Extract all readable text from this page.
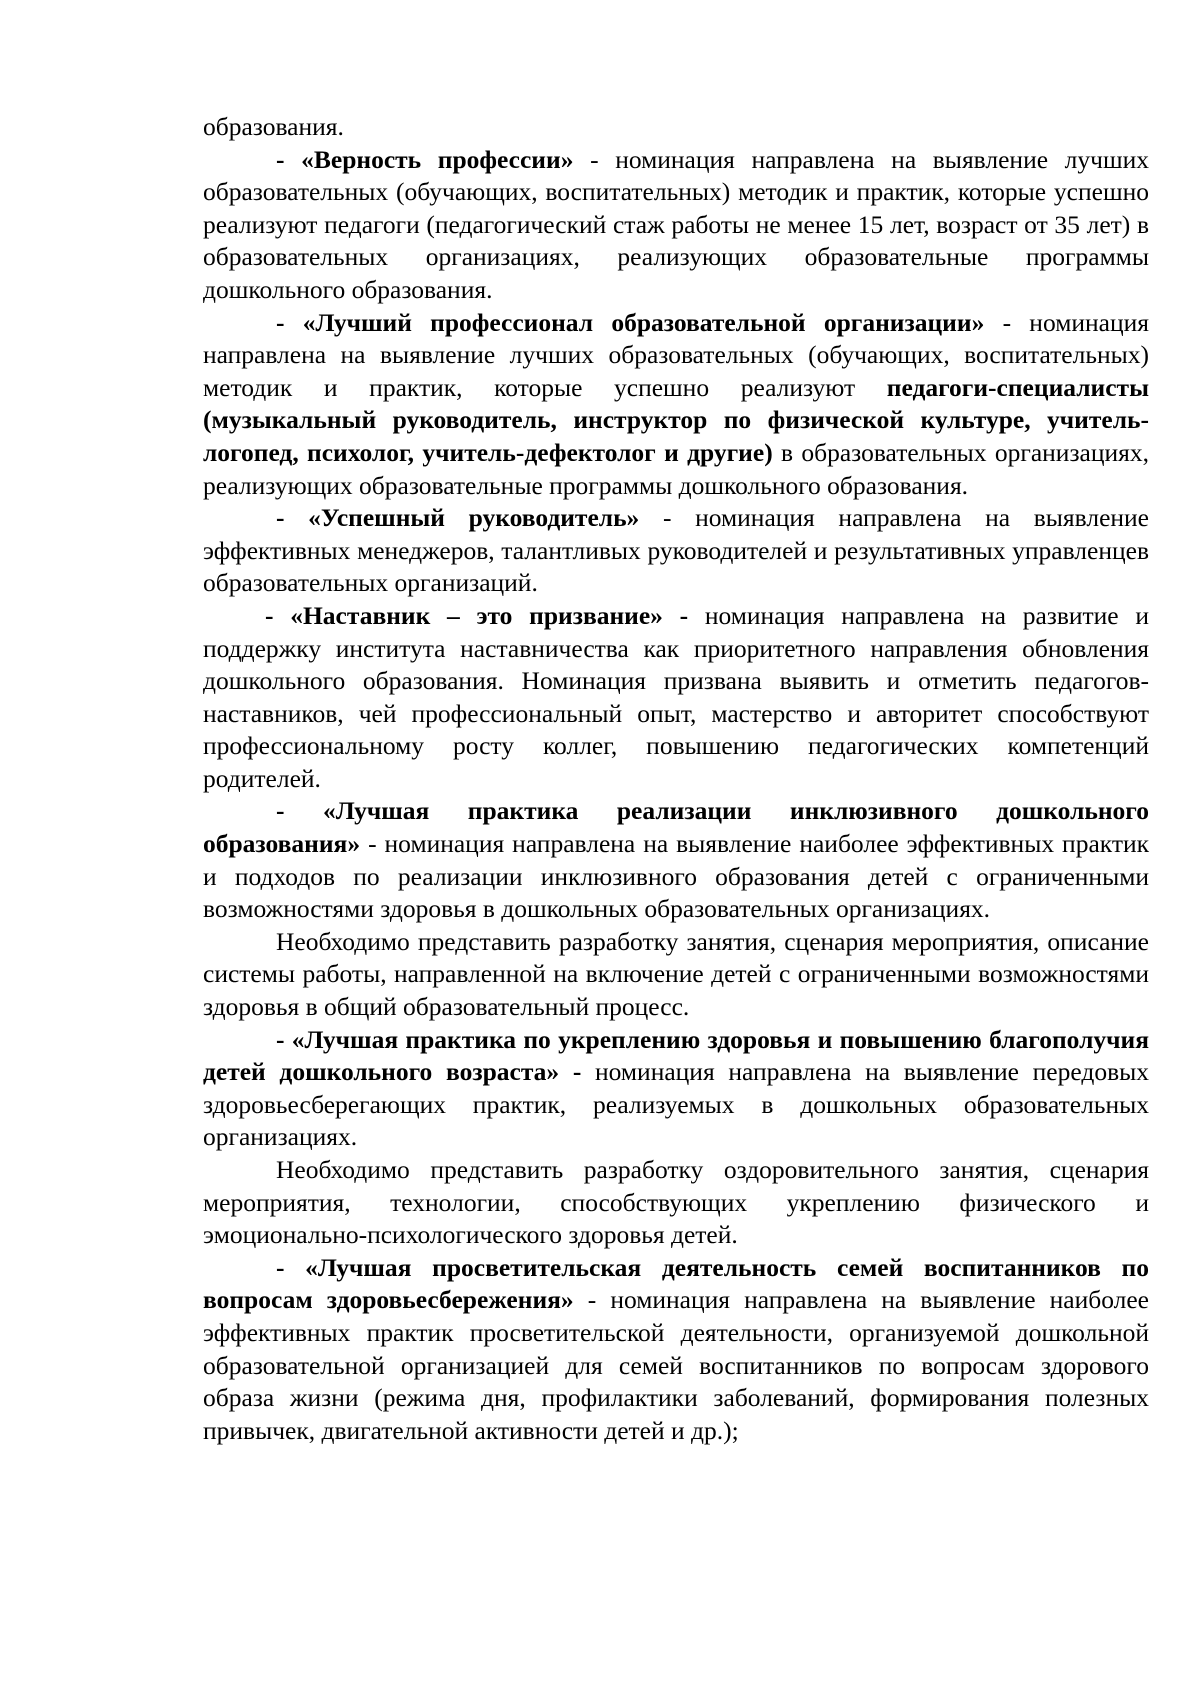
образования.

- «Верность профессии» - номинация направлена на выявление лучших образовательных (обучающих, воспитательных) методик и практик, которые успешно реализуют педагоги (педагогический стаж работы не менее 15 лет, возраст от 35 лет) в образовательных организациях, реализующих образовательные программы дошкольного образования.

- «Лучший профессионал образовательной организации» - номинация направлена на выявление лучших образовательных (обучающих, воспитательных) методик и практик, которые успешно реализуют педагоги-специалисты (музыкальный руководитель, инструктор по физической культуре, учитель-логопед, психолог, учитель-дефектолог и другие) в образовательных организациях, реализующих образовательные программы дошкольного образования.

- «Успешный руководитель» - номинация направлена на выявление эффективных менеджеров, талантливых руководителей и результативных управленцев образовательных организаций.

- «Наставник – это призвание» - номинация направлена на развитие и поддержку института наставничества как приоритетного направления обновления дошкольного образования. Номинация призвана выявить и отметить педагогов-наставников, чей профессиональный опыт, мастерство и авторитет способствуют профессиональному росту коллег, повышению педагогических компетенций родителей.

- «Лучшая практика реализации инклюзивного дошкольного образования» - номинация направлена на выявление наиболее эффективных практик и подходов по реализации инклюзивного образования детей с ограниченными возможностями здоровья в дошкольных образовательных организациях.

Необходимо представить разработку занятия, сценария мероприятия, описание системы работы, направленной на включение детей с ограниченными возможностями здоровья в общий образовательный процесс.

- «Лучшая практика по укреплению здоровья и повышению благополучия детей дошкольного возраста» - номинация направлена на выявление передовых здоровьесберегающих практик, реализуемых в дошкольных образовательных организациях.

Необходимо представить разработку оздоровительного занятия, сценария мероприятия, технологии, способствующих укреплению физического и эмоционально-психологического здоровья детей.

- «Лучшая просветительская деятельность семей воспитанников по вопросам здоровьесбережения» - номинация направлена на выявление наиболее эффективных практик просветительской деятельности, организуемой дошкольной образовательной организацией для семей воспитанников по вопросам здорового образа жизни (режима дня, профилактики заболеваний, формирования полезных привычек, двигательной активности детей и др.);
